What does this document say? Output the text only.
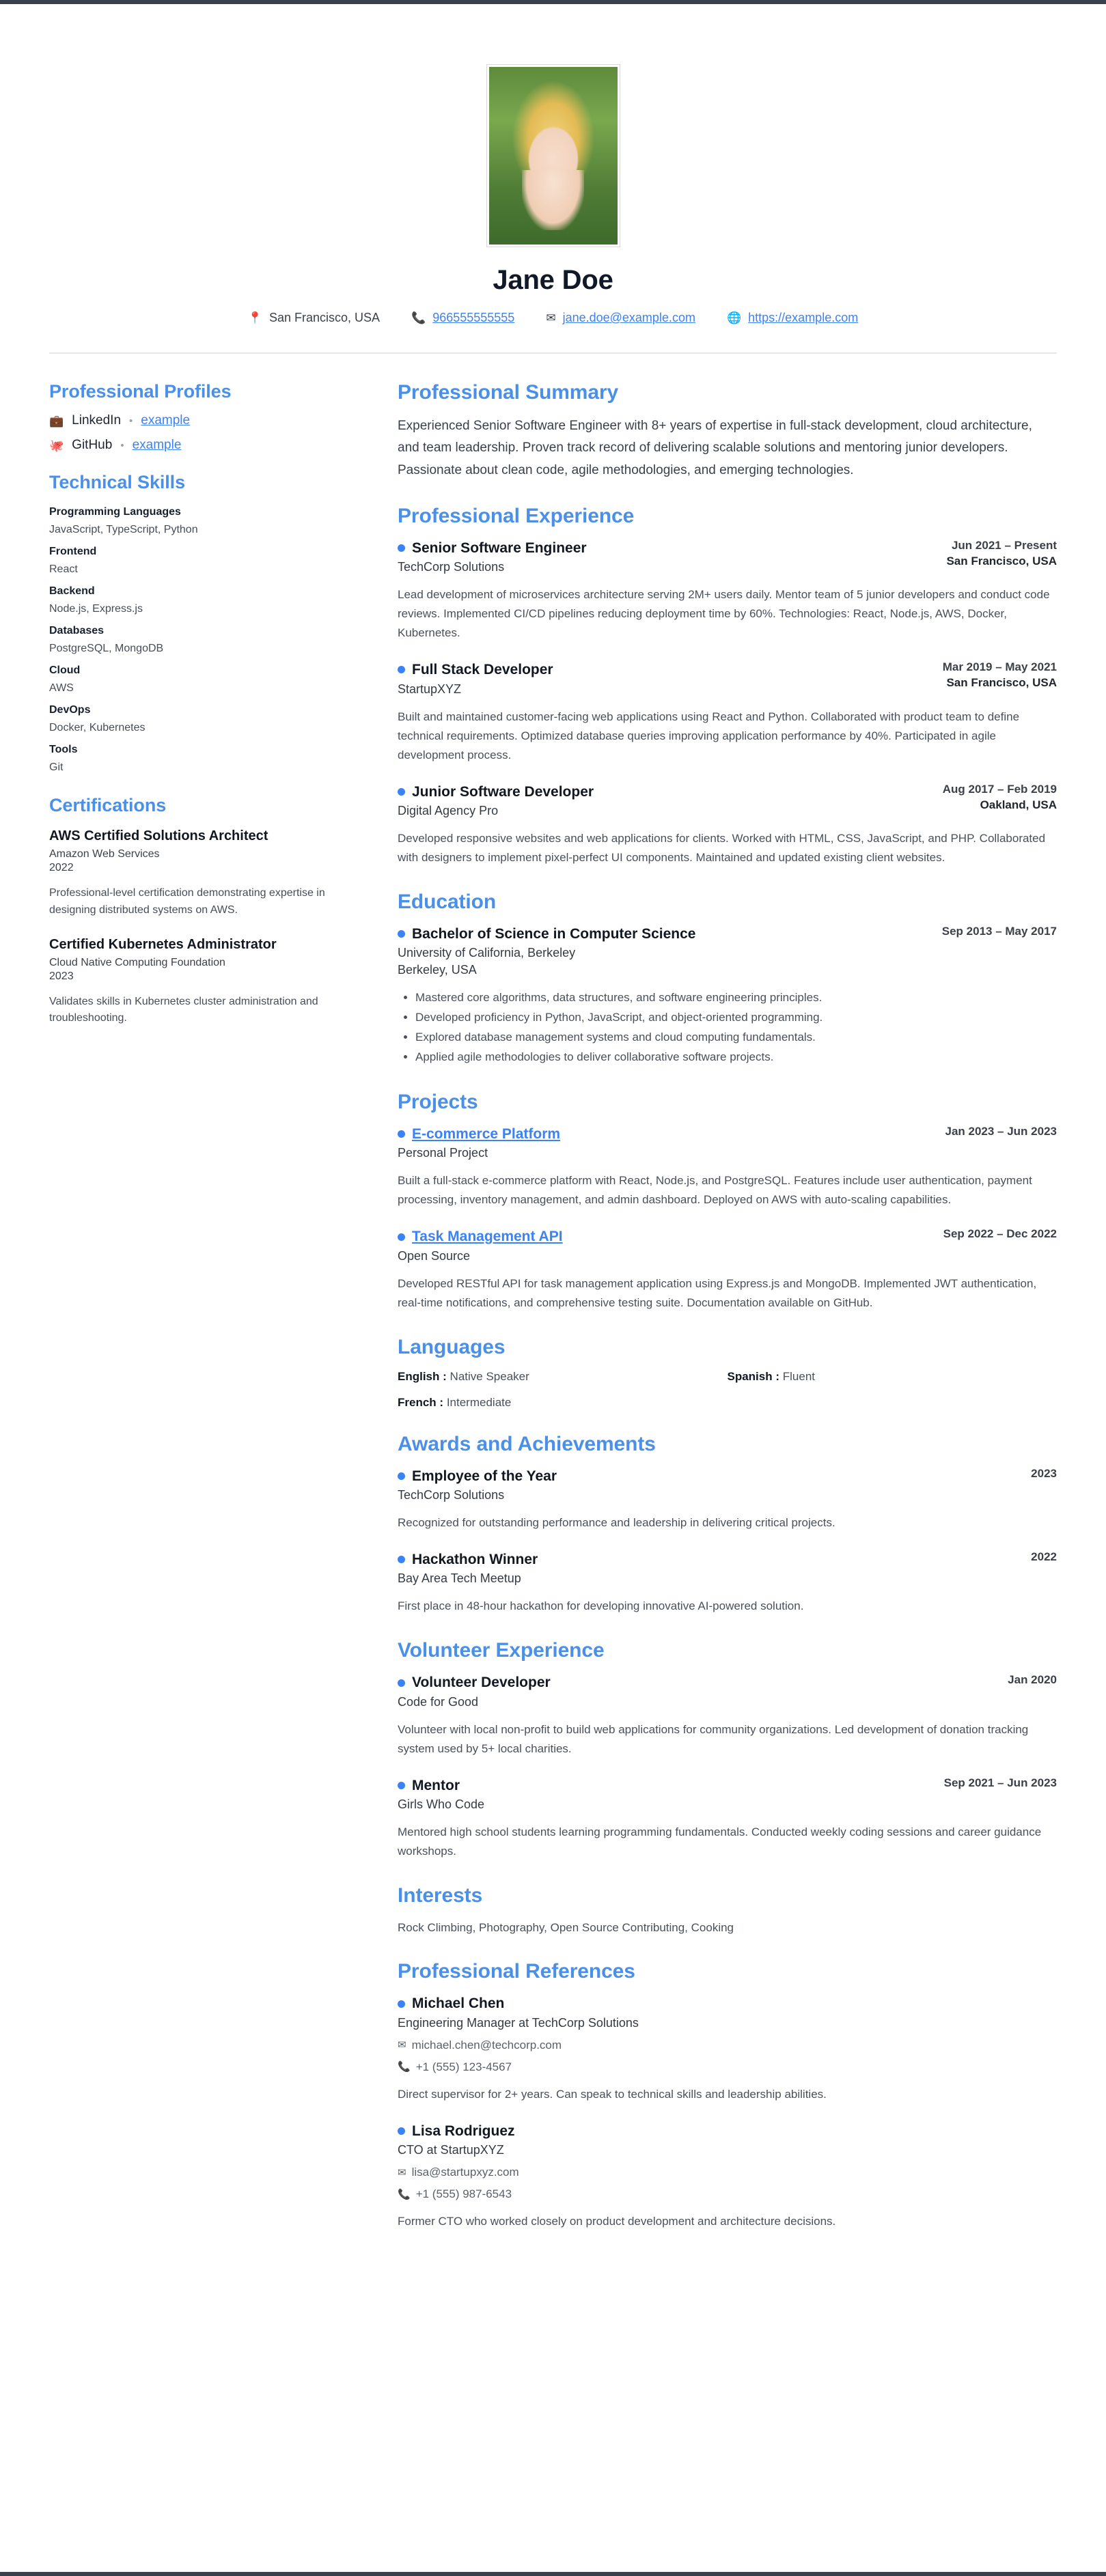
Jane Doe
📍 San Francisco, USA	📞 966555555555	✉ jane.doe@example.com	🌐 https://example.com
Professional Profiles
💼 LinkedIn • example
🐙 GitHub • example
Technical Skills
Programming Languages
JavaScript, TypeScript, Python
Frontend
React
Backend
Node.js, Express.js
Databases
PostgreSQL, MongoDB
Cloud
AWS
DevOps
Docker, Kubernetes
Tools
Git
Certifications
AWS Certified Solutions Architect
Amazon Web Services
2022
Professional-level certification demonstrating expertise in designing distributed systems on AWS.
Certified Kubernetes Administrator
Cloud Native Computing Foundation
2023
Validates skills in Kubernetes cluster administration and troubleshooting.
Professional Summary

Experienced Senior Software Engineer with 8+ years of expertise in full-stack development, cloud architecture, and team leadership. Proven track record of delivering scalable solutions and mentoring junior developers. Passionate about clean code, agile methodologies, and emerging technologies.

Professional Experience
Senior Software Engineer
TechCorp Solutions
Jun 2021 – Present
San Francisco, USA
Lead development of microservices architecture serving 2M+ users daily. Mentor team of 5 junior developers and conduct code reviews. Implemented CI/CD pipelines reducing deployment time by 60%. Technologies: React, Node.js, AWS, Docker, Kubernetes.
Full Stack Developer
StartupXYZ
Mar 2019 – May 2021
San Francisco, USA
Built and maintained customer-facing web applications using React and Python. Collaborated with product team to define technical requirements. Optimized database queries improving application performance by 40%. Participated in agile development process.
Junior Software Developer
Digital Agency Pro
Aug 2017 – Feb 2019
Oakland, USA
Developed responsive websites and web applications for clients. Worked with HTML, CSS, JavaScript, and PHP. Collaborated with designers to implement pixel-perfect UI components. Maintained and updated existing client websites.
Education
Bachelor of Science in Computer Science
University of California, Berkeley
Berkeley, USA
Sep 2013 – May 2017
• Mastered core algorithms, data structures, and software engineering principles.
• Developed proficiency in Python, JavaScript, and object-oriented programming.
• Explored database management systems and cloud computing fundamentals.
• Applied agile methodologies to deliver collaborative software projects.
Projects
E-commerce Platform
Personal Project
Jan 2023 – Jun 2023
Built a full-stack e-commerce platform with React, Node.js, and PostgreSQL. Features include user authentication, payment processing, inventory management, and admin dashboard. Deployed on AWS with auto-scaling capabilities.
Task Management API
Open Source
Sep 2022 – Dec 2022
Developed RESTful API for task management application using Express.js and MongoDB. Implemented JWT authentication, real-time notifications, and comprehensive testing suite. Documentation available on GitHub.
Languages
English : Native Speaker	Spanish : Fluent
French : Intermediate
Awards and Achievements
Employee of the Year
TechCorp Solutions
2023
Recognized for outstanding performance and leadership in delivering critical projects.
Hackathon Winner
Bay Area Tech Meetup
2022
First place in 48-hour hackathon for developing innovative AI-powered solution.
Volunteer Experience
Volunteer Developer
Code for Good
Jan 2020
Volunteer with local non-profit to build web applications for community organizations. Led development of donation tracking system used by 5+ local charities.
Mentor
Girls Who Code
Sep 2021 – Jun 2023
Mentored high school students learning programming fundamentals. Conducted weekly coding sessions and career guidance workshops.
Interests
Rock Climbing, Photography, Open Source Contributing, Cooking
Professional References
Michael Chen
Engineering Manager at TechCorp Solutions
✉ michael.chen@techcorp.com
📞 +1 (555) 123-4567
Direct supervisor for 2+ years. Can speak to technical skills and leadership abilities.
Lisa Rodriguez
CTO at StartupXYZ
✉ lisa@startupxyz.com
📞 +1 (555) 987-6543
Former CTO who worked closely on product development and architecture decisions.
